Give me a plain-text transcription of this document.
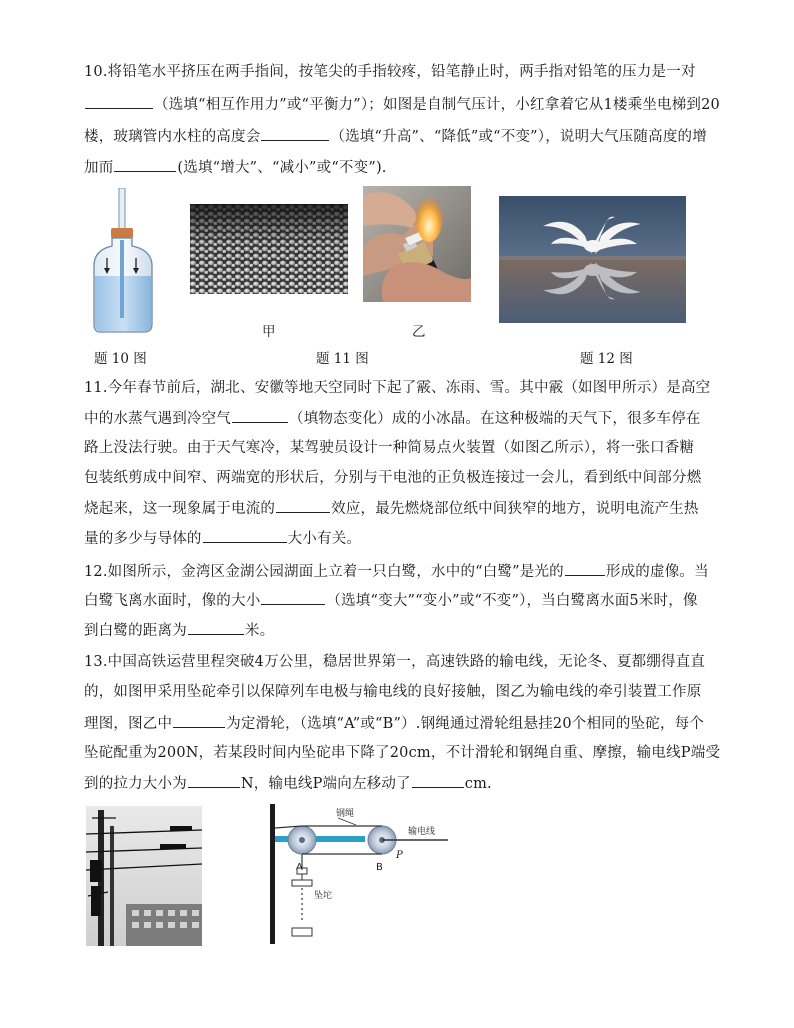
10.将铅笔水平挤压在两手指间，按笔尖的手指较疼，铅笔静止时，两手指对铅笔的压力是一对
（选填“相互作用力”或“平衡力”）；如图是自制气压计，小红拿着它从1楼乘坐电梯到20
楼，玻璃管内水柱的高度会	（选填“升高”、“降低”或“不变”），说明大气压随高度的增
加而	(选填“增大”、“减小”或“不变”).
甲	乙
题 10 图	题 11 图	题 12 图
11.今年春节前后，湖北、安徽等地天空同时下起了霰、冻雨、雪。其中霰（如图甲所示）是高空
中的水蒸气遇到冷空气	（填物态变化）成的小冰晶。在这种极端的天气下，很多车停在
路上没法行驶。由于天气寒冷，某驾驶员设计一种简易点火装置（如图乙所示），将一张口香糖
包装纸剪成中间窄、两端宽的形状后，分别与干电池的正负极连接过一会儿，看到纸中间部分燃
烧起来，这一现象属于电流的	效应，最先燃烧部位纸中间狭窄的地方，说明电流产生热
量的多少与导体的	大小有关。
12.如图所示，金湾区金湖公园湖面上立着一只白鹭，水中的“白鹭”是光的	形成的虚像。当
白鹭飞离水面时，像的大小	（选填“变大”“变小”或“不变”），当白鹭离水面5米时，像
到白鹭的距离为	米。
13.中国高铁运营里程突破4万公里，稳居世界第一，高速铁路的输电线，无论冬、夏都绷得直直
的，如图甲采用坠砣牵引以保障列车电极与输电线的良好接触，图乙为输电线的牵引装置工作原
理图，图乙中	为定滑轮，（选填“A”或“B”）.钢绳通过滑轮组悬挂20个相同的坠砣，每个
坠砣配重为200N，若某段时间内坠砣串下降了20cm，不计滑轮和钢绳自重、摩擦，输电线P端受
到的拉力大小为	N，输电线P端向左移动了	cm.
钢绳
输电线
A	B
P
坠坨
